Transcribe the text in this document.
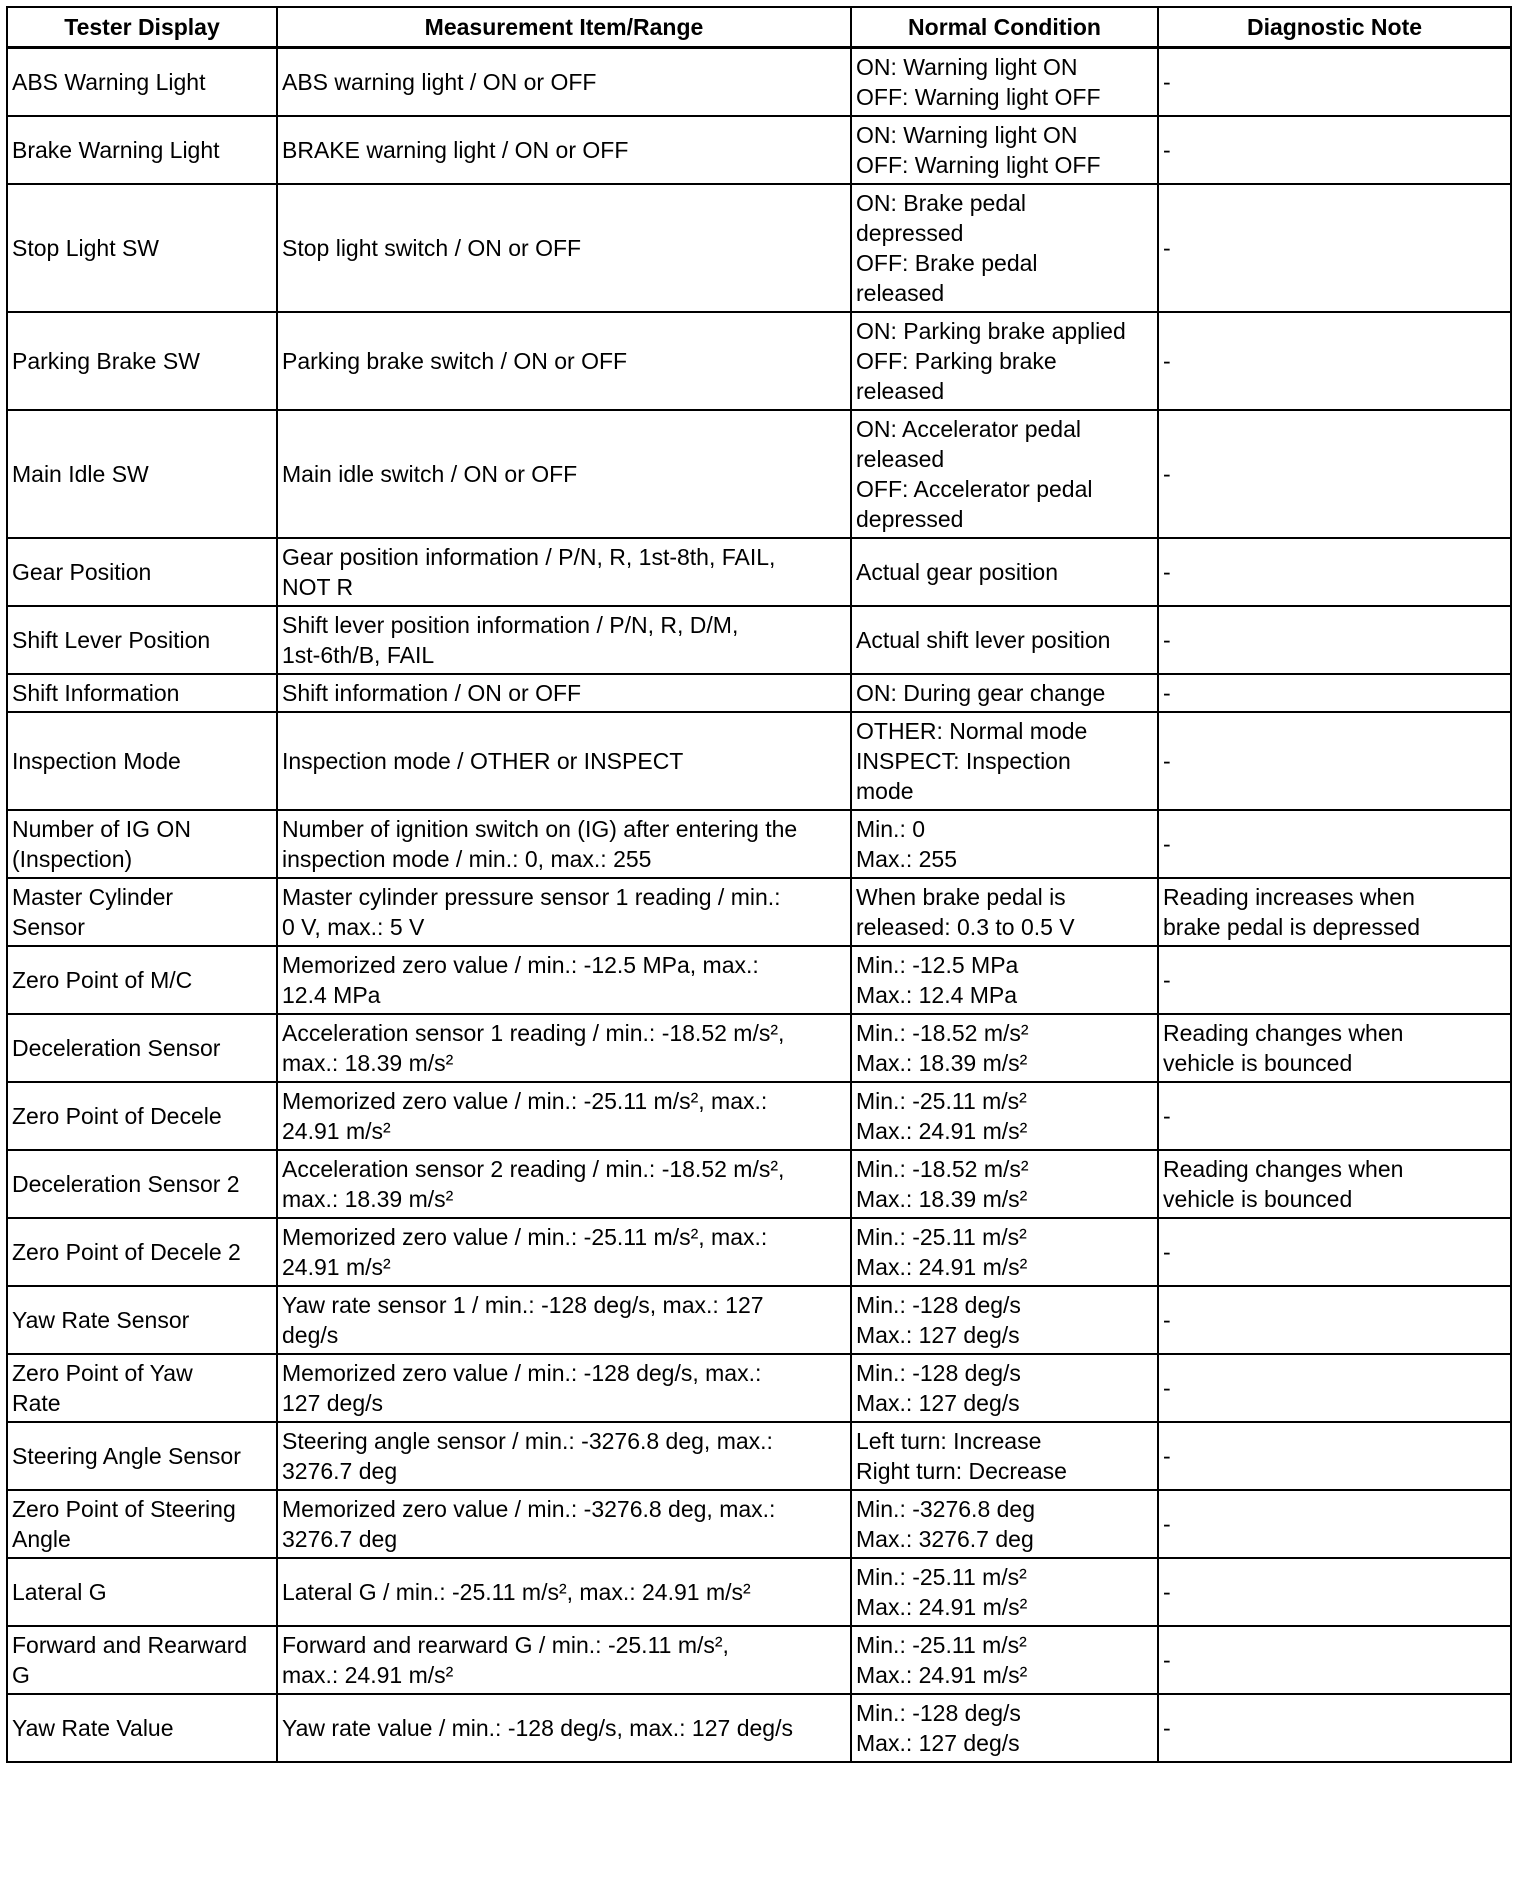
Tester Display	Measurement Item/Range	Normal Condition	Diagnostic Note

ABS Warning Light	ABS warning light / ON or OFF	ON: Warning light ON
OFF: Warning light OFF	-

Brake Warning Light	BRAKE warning light / ON or OFF	ON: Warning light ON
OFF: Warning light OFF	-

Stop Light SW	Stop light switch / ON or OFF	ON: Brake pedal
depressed
OFF: Brake pedal
released	-

Parking Brake SW	Parking brake switch / ON or OFF	ON: Parking brake applied
OFF: Parking brake
released	-

Main Idle SW	Main idle switch / ON or OFF	ON: Accelerator pedal
released
OFF: Accelerator pedal
depressed	-

Gear Position	Gear position information / P/N, R, 1st-8th, FAIL,
NOT R	Actual gear position	-

Shift Lever Position	Shift lever position information / P/N, R, D/M,
1st-6th/B, FAIL	Actual shift lever position	-

Shift Information	Shift information / ON or OFF	ON: During gear change	-

Inspection Mode	Inspection mode / OTHER or INSPECT	OTHER: Normal mode
INSPECT: Inspection
mode	-

Number of IG ON
(Inspection)	Number of ignition switch on (IG) after entering the
inspection mode / min.: 0, max.: 255	Min.: 0
Max.: 255	-

Master Cylinder
Sensor	Master cylinder pressure sensor 1 reading / min.:
0 V, max.: 5 V	When brake pedal is
released: 0.3 to 0.5 V	Reading increases when
brake pedal is depressed

Zero Point of M/C	Memorized zero value / min.: -12.5 MPa, max.:
12.4 MPa	Min.: -12.5 MPa
Max.: 12.4 MPa	-

Deceleration Sensor	Acceleration sensor 1 reading / min.: -18.52 m/s²,
max.: 18.39 m/s²	Min.: -18.52 m/s²
Max.: 18.39 m/s²	Reading changes when
vehicle is bounced

Zero Point of Decele	Memorized zero value / min.: -25.11 m/s², max.:
24.91 m/s²	Min.: -25.11 m/s²
Max.: 24.91 m/s²	-

Deceleration Sensor 2	Acceleration sensor 2 reading / min.: -18.52 m/s²,
max.: 18.39 m/s²	Min.: -18.52 m/s²
Max.: 18.39 m/s²	Reading changes when
vehicle is bounced

Zero Point of Decele 2	Memorized zero value / min.: -25.11 m/s², max.:
24.91 m/s²	Min.: -25.11 m/s²
Max.: 24.91 m/s²	-

Yaw Rate Sensor	Yaw rate sensor 1 / min.: -128 deg/s, max.: 127
deg/s	Min.: -128 deg/s
Max.: 127 deg/s	-

Zero Point of Yaw
Rate	Memorized zero value / min.: -128 deg/s, max.:
127 deg/s	Min.: -128 deg/s
Max.: 127 deg/s	-

Steering Angle Sensor	Steering angle sensor / min.: -3276.8 deg, max.:
3276.7 deg	Left turn: Increase
Right turn: Decrease	-

Zero Point of Steering
Angle	Memorized zero value / min.: -3276.8 deg, max.:
3276.7 deg	Min.: -3276.8 deg
Max.: 3276.7 deg	-

Lateral G	Lateral G / min.: -25.11 m/s², max.: 24.91 m/s²	Min.: -25.11 m/s²
Max.: 24.91 m/s²	-

Forward and Rearward
G	Forward and rearward G / min.: -25.11 m/s²,
max.: 24.91 m/s²	Min.: -25.11 m/s²
Max.: 24.91 m/s²	-

Yaw Rate Value	Yaw rate value / min.: -128 deg/s, max.: 127 deg/s	Min.: -128 deg/s
Max.: 127 deg/s	-
